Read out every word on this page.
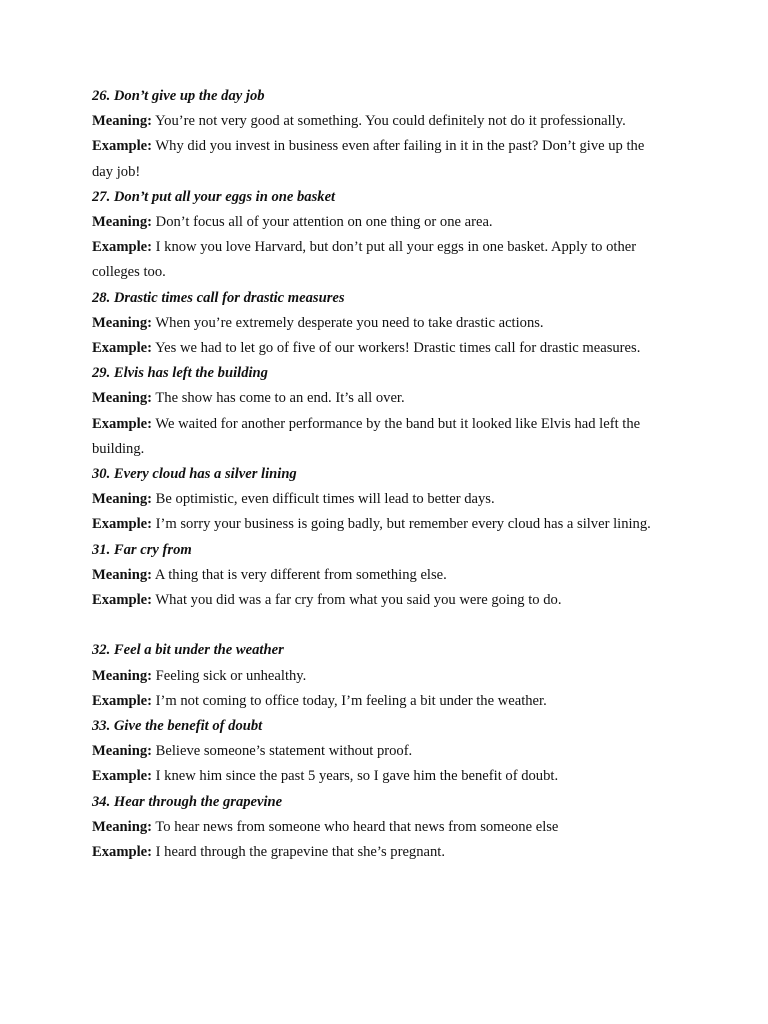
26. Don’t give up the day job

Meaning: You’re not very good at something. You could definitely not do it professionally.

Example: Why did you invest in business even after failing in it in the past? Don’t give up the day job!

27. Don’t put all your eggs in one basket

Meaning: Don’t focus all of your attention on one thing or one area.

Example: I know you love Harvard, but don’t put all your eggs in one basket. Apply to other colleges too.

28. Drastic times call for drastic measures

Meaning: When you’re extremely desperate you need to take drastic actions.

Example: Yes we had to let go of five of our workers! Drastic times call for drastic measures.

29. Elvis has left the building

Meaning: The show has come to an end. It’s all over.

Example: We waited for another performance by the band but it looked like Elvis had left the building.

30. Every cloud has a silver lining

Meaning: Be optimistic, even difficult times will lead to better days.

Example: I’m sorry your business is going badly, but remember every cloud has a silver lining.

31. Far cry from

Meaning: A thing that is very different from something else.

Example: What you did was a far cry from what you said you were going to do.

32. Feel a bit under the weather

Meaning: Feeling sick or unhealthy.

Example: I’m not coming to office today, I’m feeling a bit under the weather.

33. Give the benefit of doubt

Meaning: Believe someone’s statement without proof.

Example: I knew him since the past 5 years, so I gave him the benefit of doubt.

34. Hear through the grapevine

Meaning: To hear news from someone who heard that news from someone else

Example: I heard through the grapevine that she’s pregnant.
